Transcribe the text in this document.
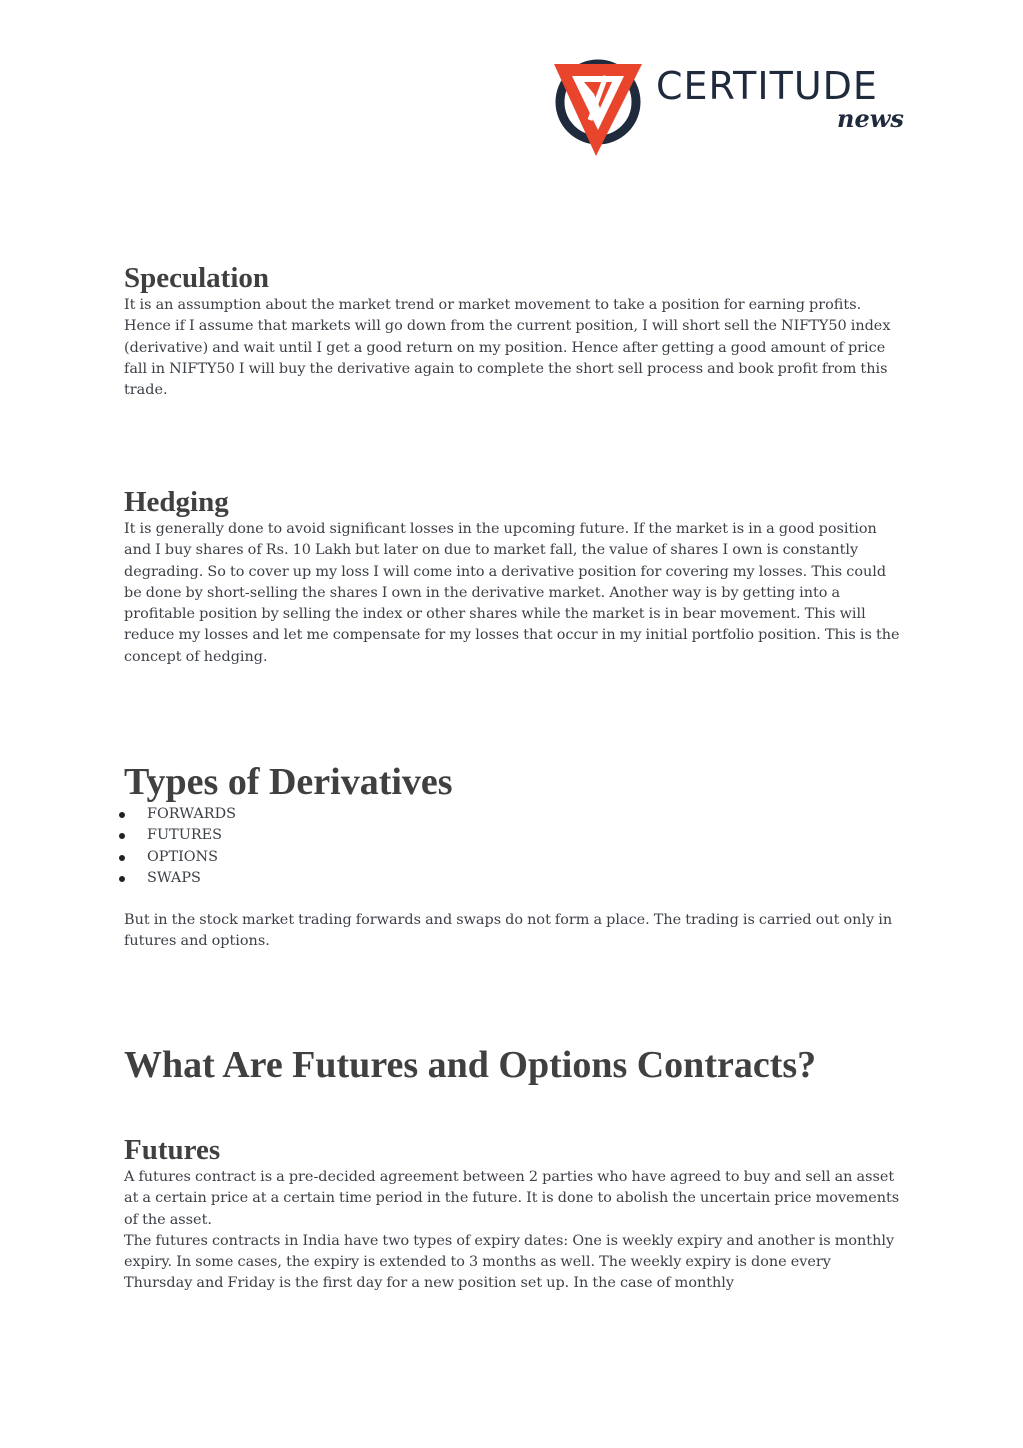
CERTITUDE
news
Speculation

It is an assumption about the market trend or market movement to take a position for earning profits. Hence if I assume that markets will go down from the current position, I will short sell the NIFTY50 index (derivative) and wait until I get a good return on my position. Hence after getting a good amount of price fall in NIFTY50 I will buy the derivative again to complete the short sell process and book profit from this trade.

Hedging

It is generally done to avoid significant losses in the upcoming future. If the market is in a good position and I buy shares of Rs. 10 Lakh but later on due to market fall, the value of shares I own is constantly degrading. So to cover up my loss I will come into a derivative position for covering my losses. This could be done by short-selling the shares I own in the derivative market. Another way is by getting into a profitable position by selling the index or other shares while the market is in bear movement. This will reduce my losses and let me compensate for my losses that occur in my initial portfolio position. This is the concept of hedging.

Types of Derivatives
FORWARDS
FUTURES
OPTIONS
SWAPS

But in the stock market trading forwards and swaps do not form a place. The trading is carried out only in futures and options.

What Are Futures and Options Contracts?
Futures

A futures contract is a pre-decided agreement between 2 parties who have agreed to buy and sell an asset at a certain price at a certain time period in the future. It is done to abolish the uncertain price movements of the asset.

The futures contracts in India have two types of expiry dates: One is weekly expiry and another is monthly expiry. In some cases, the expiry is extended to 3 months as well. The weekly expiry is done every Thursday and Friday is the first day for a new position set up. In the case of monthly
